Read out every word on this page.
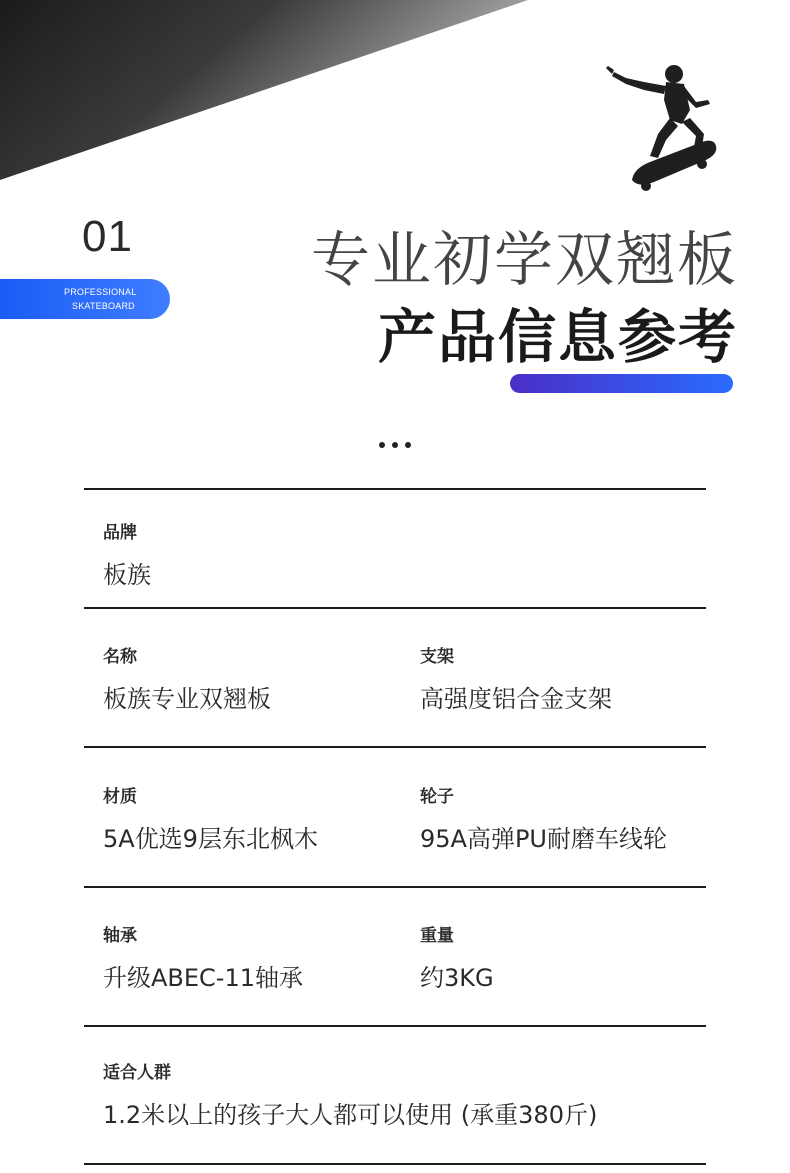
01
PROFESSIONAL
SKATEBOARD
专业初学双翘板
产品信息参考
品牌
板族
名称
板族专业双翘板
支架
高强度铝合金支架
材质
5A优选9层东北枫木
轮子
95A高弹PU耐磨车线轮
轴承
升级ABEC-11轴承
重量
约3KG
适合人群
1.2米以上的孩子大人都可以使用 (承重380斤)
